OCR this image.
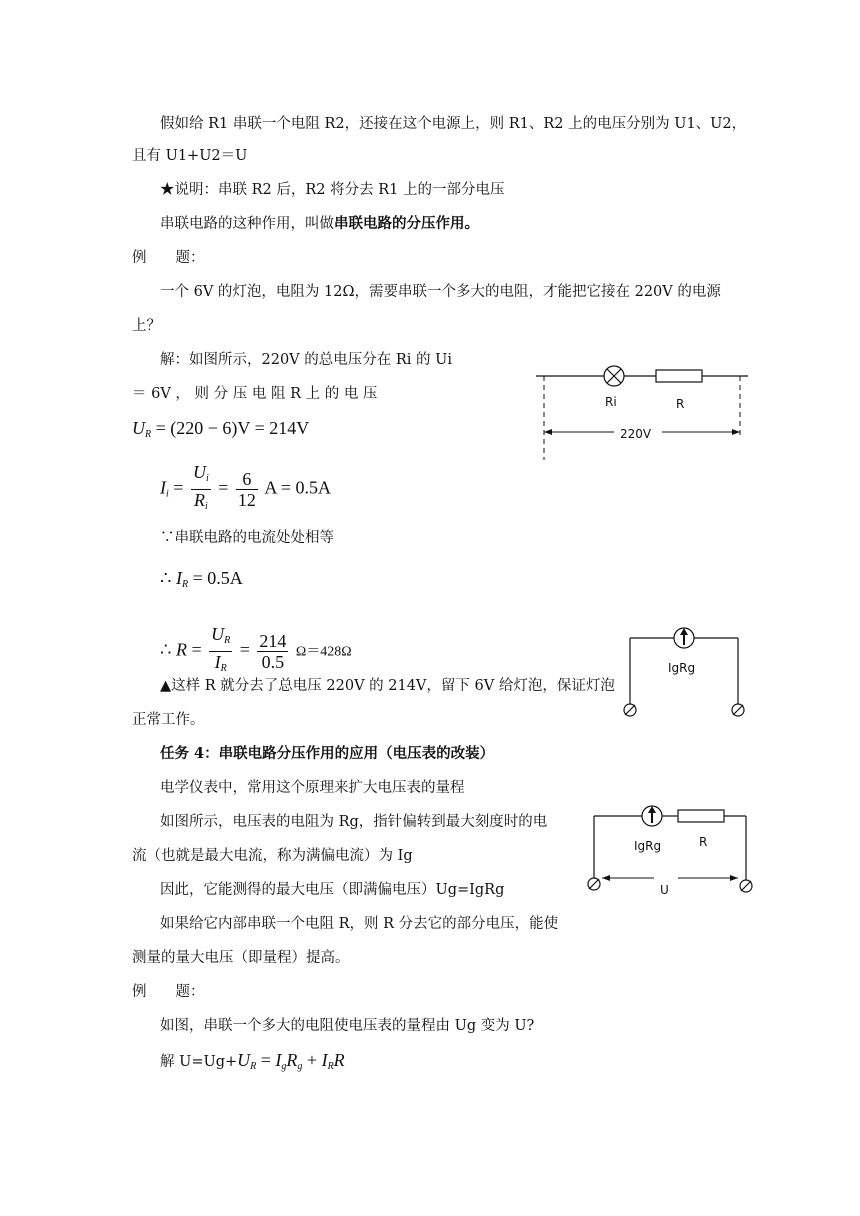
假如给 R1 串联一个电阻 R2，还接在这个电源上，则 R1、R2 上的电压分别为 U1、U2，
且有 U1+U2＝U
★说明：串联 R2 后，R2 将分去 R1 上的一部分电压
串联电路的这种作用，叫做串联电路的分压作用。
例　　题：
一个 6V 的灯泡，电阻为 12Ω，需要串联一个多大的电阻，才能把它接在 220V 的电源
上？
解：如图所示，220V 的总电压分在 Ri 的 Ui
＝ 6V ， 则 分 压 电 阻 R 上 的 电 压
$U_R = (220 - 6)V = 214V$
$I_i = \frac{U_i}{R_i} = \frac{6}{12}$ A = 0.5A
∵串联电路的电流处处相等
∴ $I_R = 0.5A$
∴ $R = \frac{U_R}{I_R} = \frac{214}{0.5} \Omega=428\Omega$
▲这样 R 就分去了总电压 220V 的 214V，留下 6V 给灯泡，保证灯泡
正常工作。
任务 4：串联电路分压作用的应用（电压表的改装）
电学仪表中，常用这个原理来扩大电压表的量程
如图所示，电压表的电阻为 Rg，指针偏转到最大刻度时的电
流（也就是最大电流，称为满偏电流）为 Ig
因此，它能测得的最大电压（即满偏电压）Ug=IgRg
如果给它内部串联一个电阻 R，则 R 分去它的部分电压，能使
测量的量大电压（即量程）提高。
例　　题：
如图，串联一个多大的电阻使电压表的量程由 Ug 变为 U?
解 $U=Ug+U_R = I_gR_g + I_RR$
Ri	R
220V
IgRg
IgRg	R
U
